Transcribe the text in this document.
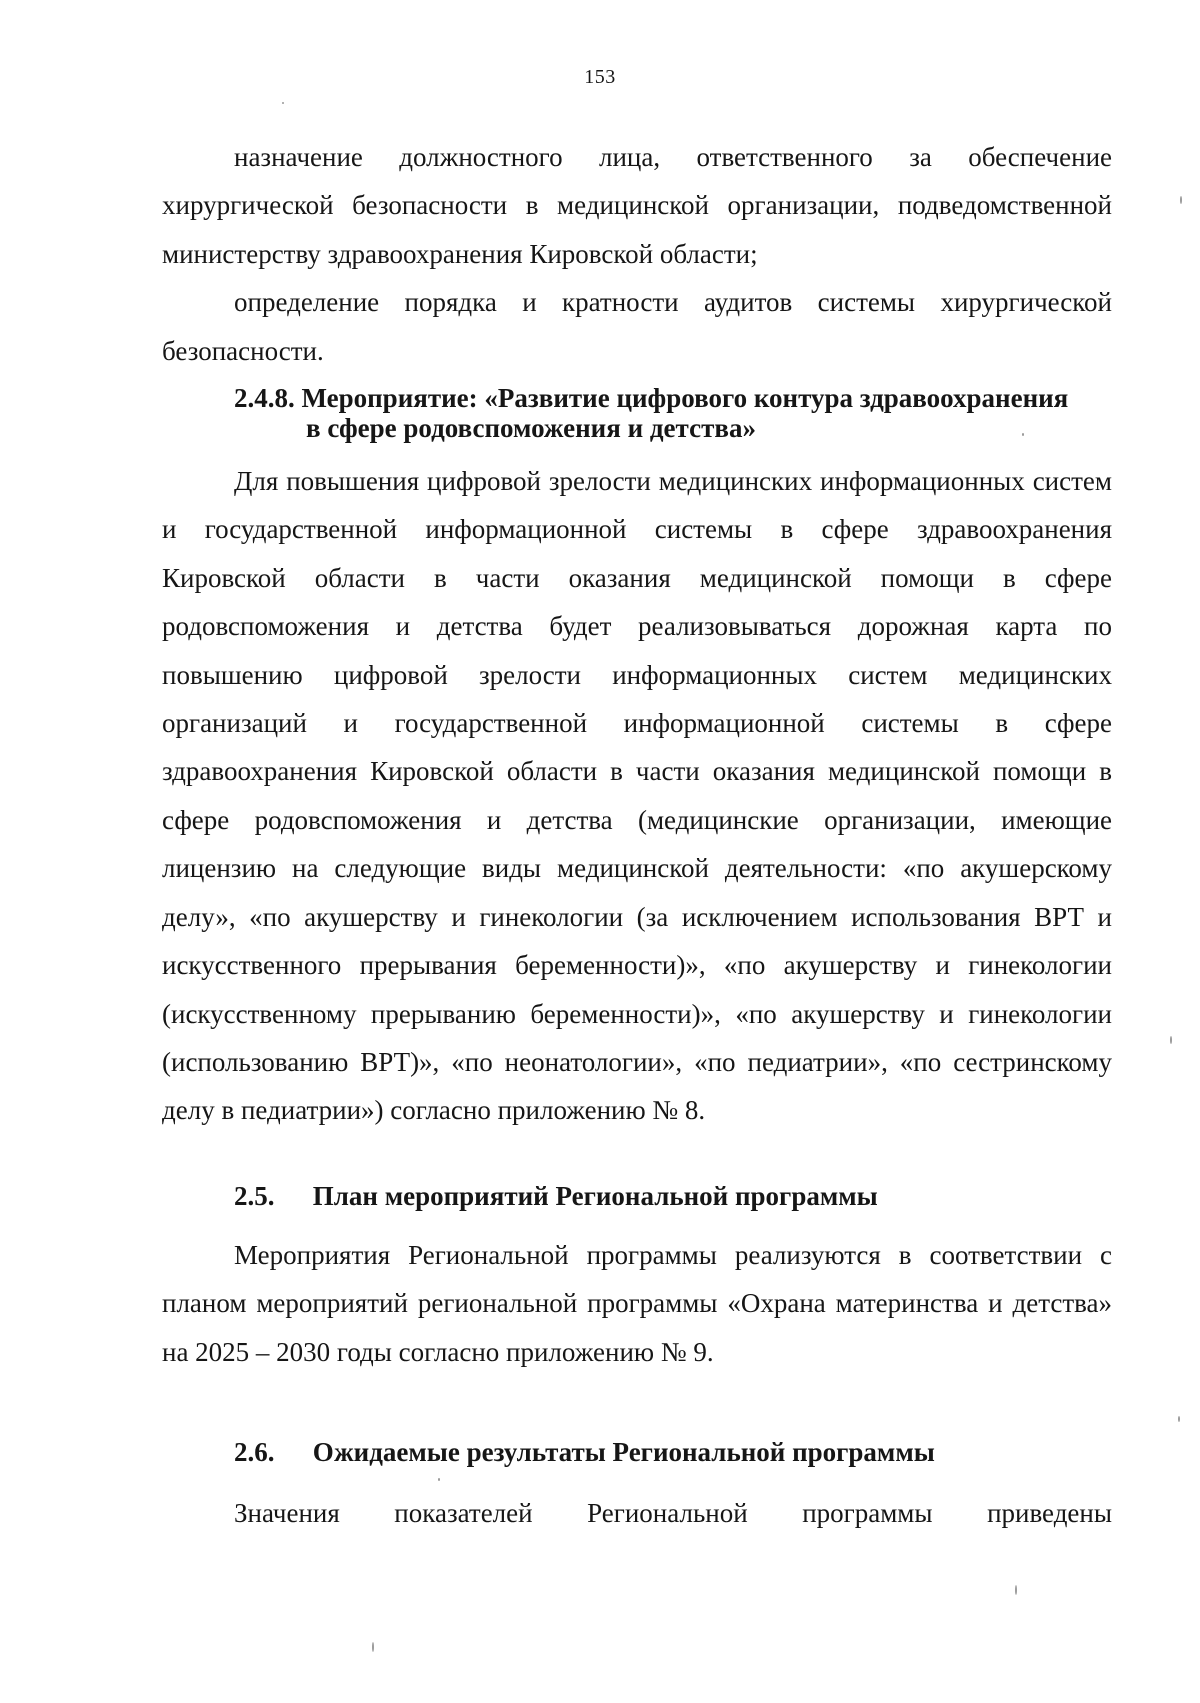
153

назначение должностного лица, ответственного за обеспечение хирургической безопасности в медицинской организации, подведомственной министерству здравоохранения Кировской области;

определение порядка и кратности аудитов системы хирургической безопасности.

2.4.8. Мероприятие: «Развитие цифрового контура здравоохранения
в сфере родовспоможения и детства»

Для повышения цифровой зрелости медицинских информационных систем и государственной информационной системы в сфере здравоохранения Кировской области в части оказания медицинской помощи в сфере родовспоможения и детства будет реализовываться дорожная карта по повышению цифровой зрелости информационных систем медицинских организаций и государственной информационной системы в сфере здравоохранения Кировской области в части оказания медицинской помощи в сфере родовспоможения и детства (медицинские организации, имеющие лицензию на следующие виды медицинской деятельности: «по акушерскому делу», «по акушерству и гинекологии (за исключением использования ВРТ и искусственного прерывания беременности)», «по акушерству и гинекологии (искусственному прерыванию беременности)», «по акушерству и гинекологии (использованию ВРТ)», «по неонатологии», «по педиатрии», «по сестринскому делу в педиатрии») согласно приложению № 8.

2.5. План мероприятий Региональной программы

Мероприятия Региональной программы реализуются в соответствии с планом мероприятий региональной программы «Охрана материнства и детства» на 2025 – 2030 годы согласно приложению № 9.

2.6. Ожидаемые результаты Региональной программы

Значения показателей Региональной программы приведены
